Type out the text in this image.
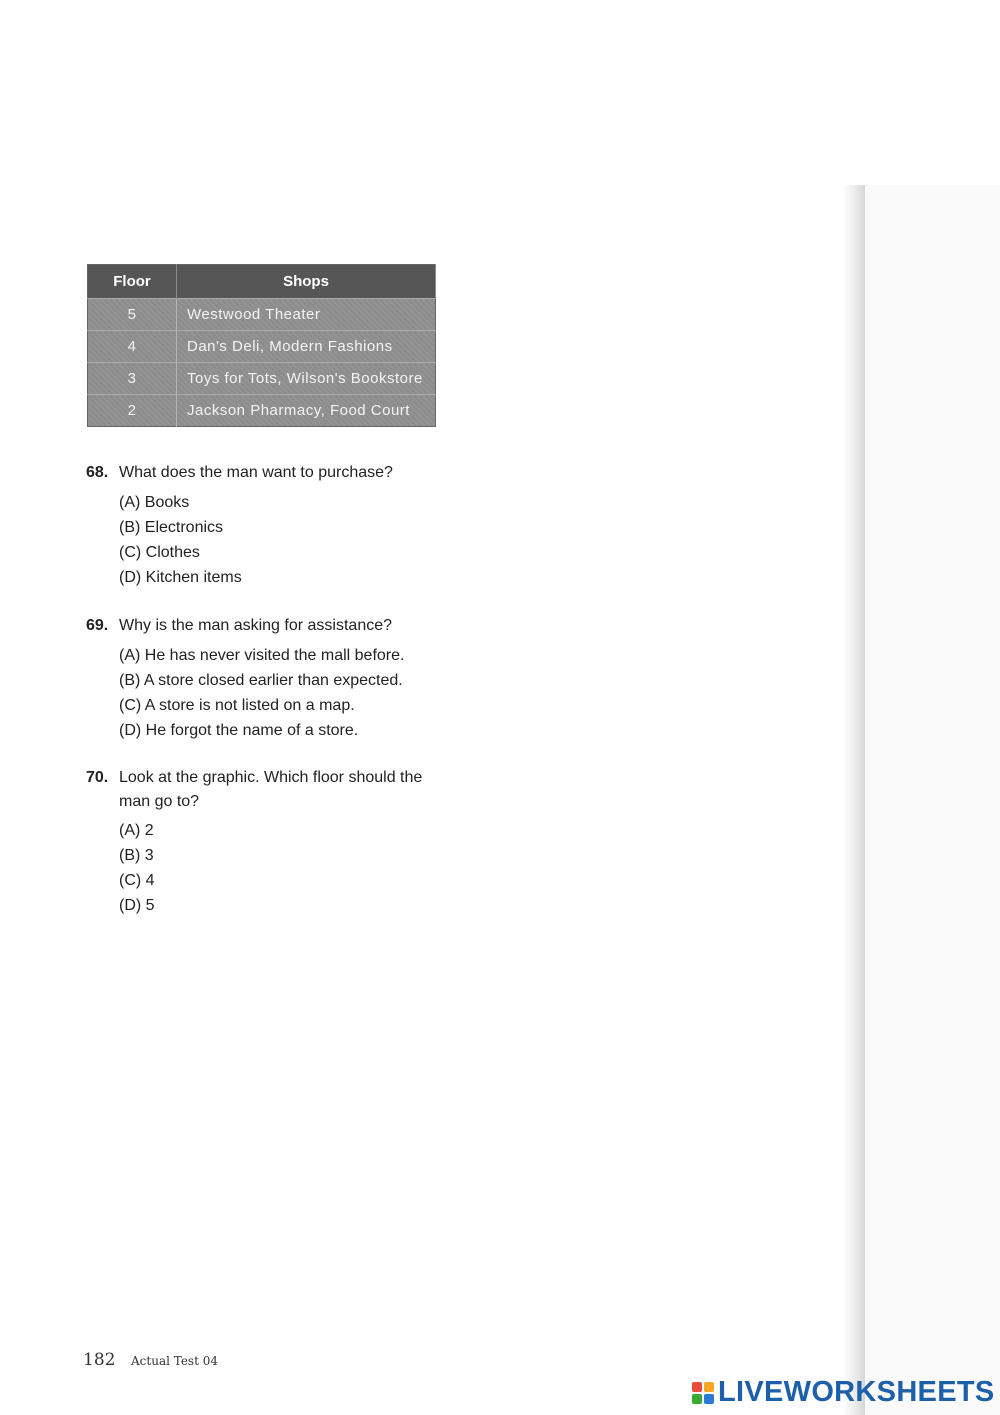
Floor	Shops
5	Westwood Theater
4	Dan's Deli, Modern Fashions
3	Toys for Tots, Wilson's Bookstore
2	Jackson Pharmacy, Food Court
68. What does the man want to purchase?
(A) Books
(B) Electronics
(C) Clothes
(D) Kitchen items
69. Why is the man asking for assistance?
(A) He has never visited the mall before.
(B) A store closed earlier than expected.
(C) A store is not listed on a map.
(D) He forgot the name of a store.
70. Look at the graphic. Which floor should the man go to?
(A) 2
(B) 3
(C) 4
(D) 5
182 Actual Test 04
LIVEWORKSHEETS
